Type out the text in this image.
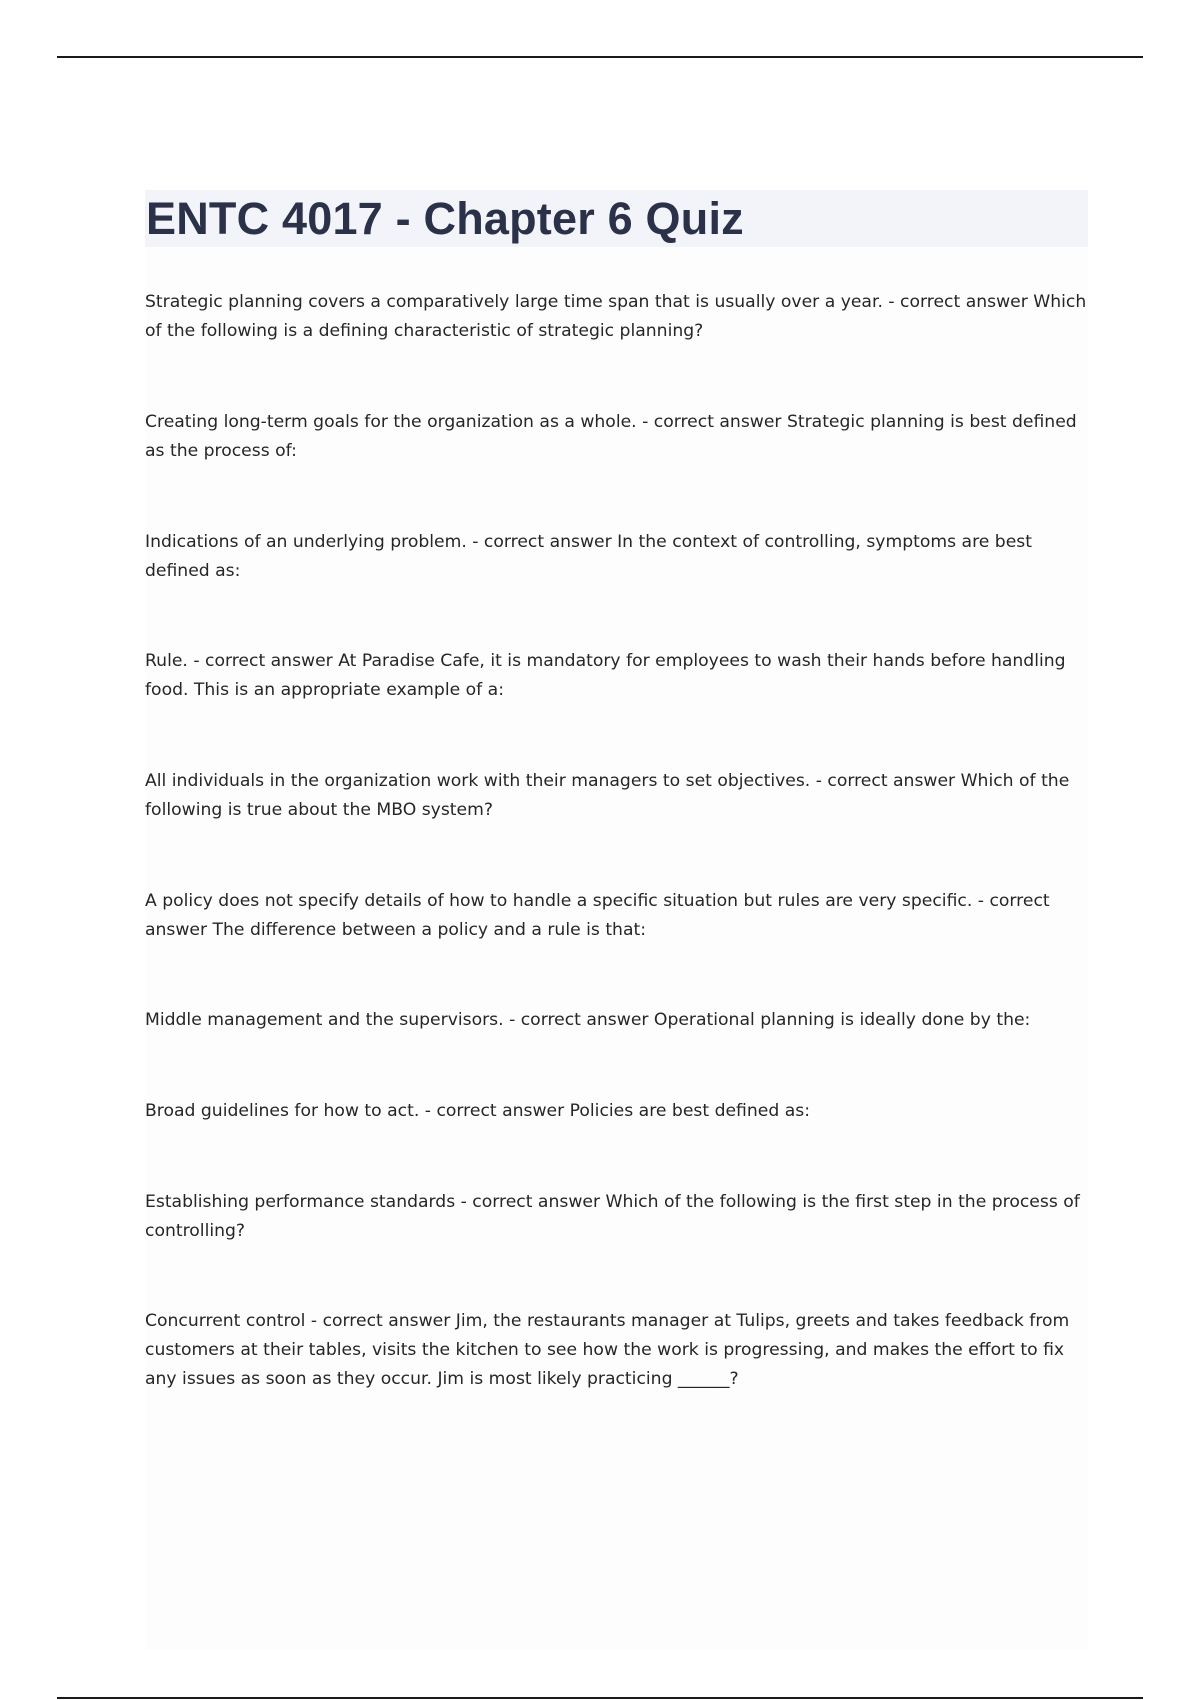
ENTC 4017 - Chapter 6 Quiz

Strategic planning covers a comparatively large time span that is usually over a year. - correct answer Which of the following is a defining characteristic of strategic planning?

Creating long-term goals for the organization as a whole. - correct answer Strategic planning is best defined as the process of:

Indications of an underlying problem. - correct answer In the context of controlling, symptoms are best defined as:

Rule. - correct answer At Paradise Cafe, it is mandatory for employees to wash their hands before handling food. This is an appropriate example of a:

All individuals in the organization work with their managers to set objectives. - correct answer Which of the following is true about the MBO system?

A policy does not specify details of how to handle a specific situation but rules are very specific. - correct answer The difference between a policy and a rule is that:

Middle management and the supervisors. - correct answer Operational planning is ideally done by the:

Broad guidelines for how to act. - correct answer Policies are best defined as:

Establishing performance standards - correct answer Which of the following is the first step in the process of controlling?

Concurrent control - correct answer Jim, the restaurants manager at Tulips, greets and takes feedback from customers at their tables, visits the kitchen to see how the work is progressing, and makes the effort to fix any issues as soon as they occur. Jim is most likely practicing ______?
